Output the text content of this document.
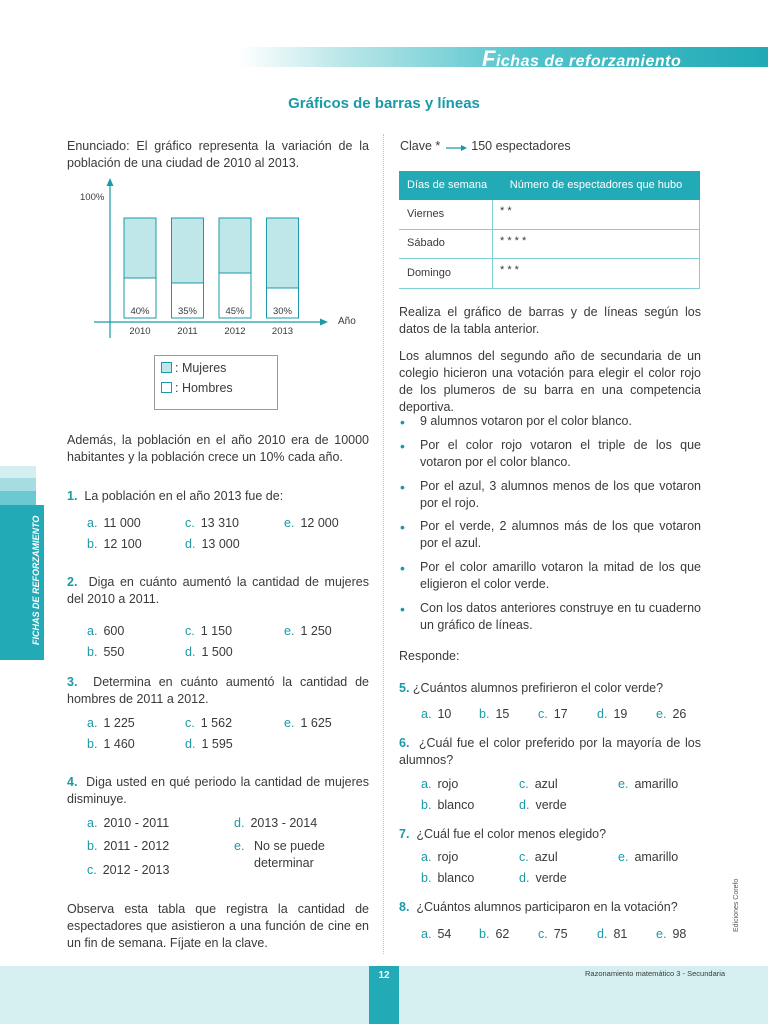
Fichas de reforzamiento
Gráficos de barras y líneas
FICHAS DE REFORZAMIENTO
Enunciado: El gráfico representa la variación de la población de una ciudad de 2010 al 2013.
100%
Año
40%
2010
35%
2011
45%
2012
30%
2013
: Mujeres
: Hombres
Además, la población en el año 2010 era de 10000 habitantes y la población crece un 10% cada año.
1. La población en el año 2013 fue de:
a. 11 000
b. 12 100
c. 13 310
d. 13 000
e. 12 000
2. Diga en cuánto aumentó la cantidad de mujeres del 2010 a 2011.
a. 600
b. 550
c. 1 150
d. 1 500
e. 1 250
3. Determina en cuánto aumentó la cantidad de hombres de 2011 a 2012.
a. 1 225
b. 1 460
c. 1 562
d. 1 595
e. 1 625
4. Diga usted en qué periodo la cantidad de mujeres disminuye.
a. 2010 - 2011
b. 2011 - 2012
c. 2012 - 2013
d. 2013 - 2014
e. No se puede determinar
Observa esta tabla que registra la cantidad de espectadores que asistieron a una función de cine en un fin de semana. Fíjate en la clave.
Clave * 150 espectadores
Días de semana	Número de espectadores que hubo
Viernes	* *
Sábado	* * * *
Domingo	* * *
Realiza el gráfico de barras y de líneas según los datos de la tabla anterior.
Los alumnos del segundo año de secundaria de un colegio hicieron una votación para elegir el color rojo de los plumeros de su barra en una competencia deportiva.
• 9 alumnos votaron por el color blanco.
• Por el color rojo votaron el triple de los que votaron por el color blanco.
• Por el azul, 3 alumnos menos de los que votaron por el rojo.
• Por el verde, 2 alumnos más de los que votaron por el azul.
• Por el color amarillo votaron la mitad de los que eligieron el color verde.
• Con los datos anteriores construye en tu cuaderno un gráfico de líneas.
Responde:
5. ¿Cuántos alumnos prefirieron el color verde?
a. 10 b. 15 c. 17 d. 19 e. 26
6. ¿Cuál fue el color preferido por la mayoría de los alumnos?
a. rojo
b. blanco
c. azul
d. verde
e. amarillo
7. ¿Cuál fue el color menos elegido?
a. rojo
b. blanco
c. azul
d. verde
e. amarillo
8. ¿Cuántos alumnos participaron en la votación?
a. 54 b. 62 c. 75 d. 81 e. 98
Ediciones Corefo
12	Razonamiento matemático 3 - Secundaria
